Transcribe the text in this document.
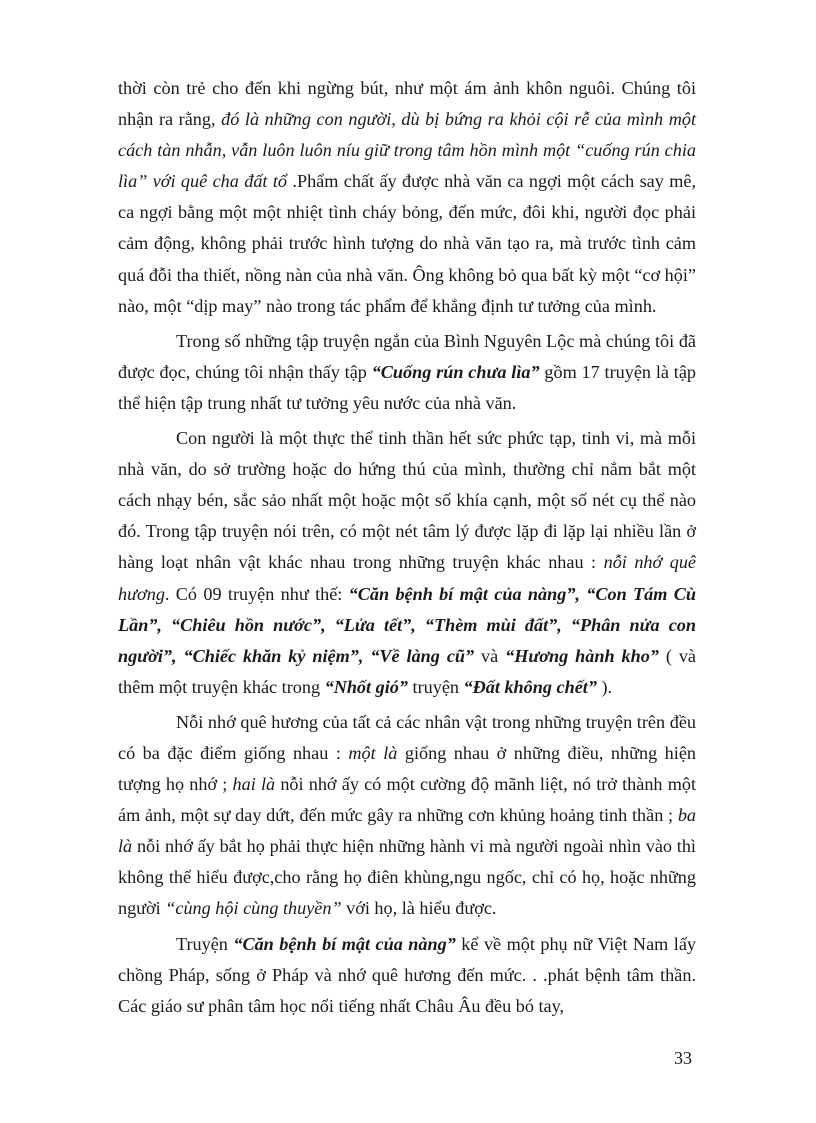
thời còn trẻ cho đến khi ngừng bút, như một ám ảnh khôn nguôi. Chúng tôi nhận ra rằng, đó là những con người, dù bị bứng ra khỏi cội rễ của mình một cách tàn nhẫn, vẫn luôn luôn níu giữ trong tâm hồn mình một “cuống rún chia lìa” với quê cha đất tổ .Phẩm chất ấy được nhà văn ca ngợi một cách say mê, ca ngợi bằng một một nhiệt tình cháy bỏng, đến mức, đôi khi, người đọc phải cảm động, không phải trước hình tượng do nhà văn tạo ra, mà trước tình cảm quá đỗi tha thiết, nồng nàn của nhà văn. Ông không bỏ qua bất kỳ một “cơ hội” nào, một “dịp may” nào trong tác phẩm để khẳng định tư tưởng của mình.

Trong số những tập truyện ngắn của Bình Nguyên Lộc mà chúng tôi đã được đọc, chúng tôi nhận thấy tập “Cuống rún chưa lìa” gồm 17 truyện là tập thể hiện tập trung nhất tư tưởng yêu nước của nhà văn.

Con người là một thực thể tinh thần hết sức phức tạp, tinh vi, mà mỗi nhà văn, do sở trường hoặc do hứng thú của mình, thường chỉ nắm bắt một cách nhạy bén, sắc sảo nhất một hoặc một số khía cạnh, một số nét cụ thể nào đó. Trong tập truyện nói trên, có một nét tâm lý được lặp đi lặp lại nhiều lần ở hàng loạt nhân vật khác nhau trong những truyện khác nhau : nỗi nhớ quê hương. Có 09 truyện như thế: “Căn bệnh bí mật của nàng”, “Con Tám Cù Lần”, “Chiêu hồn nước”, “Lửa tết”, “Thèm mùi đất”, “Phân nửa con người”, “Chiếc khăn kỷ niệm”, “Về làng cũ” và “Hương hành kho” ( và thêm một truyện khác trong “Nhốt gió” truyện “Đất không chết” ).

Nỗi nhớ quê hương của tất cả các nhân vật trong những truyện trên đều có ba đặc điểm giống nhau : một là giống nhau ở những điều, những hiện tượng họ nhớ ; hai là nỗi nhớ ấy có một cường độ mãnh liệt, nó trở thành một ám ảnh, một sự day dứt, đến mức gây ra những cơn khủng hoảng tinh thần ; ba là nỗi nhớ ấy bắt họ phải thực hiện những hành vi mà người ngoài nhìn vào thì không thể hiểu được,cho rằng họ điên khùng,ngu ngốc, chỉ có họ, hoặc những người “cùng hội cùng thuyền” với họ, là hiểu được.

Truyện “Căn bệnh bí mật của nàng” kể về một phụ nữ Việt Nam lấy chồng Pháp, sống ở Pháp và nhớ quê hương đến mức. . .phát bệnh tâm thần. Các giáo sư phân tâm học nổi tiếng nhất Châu Âu đều bó tay,

33
